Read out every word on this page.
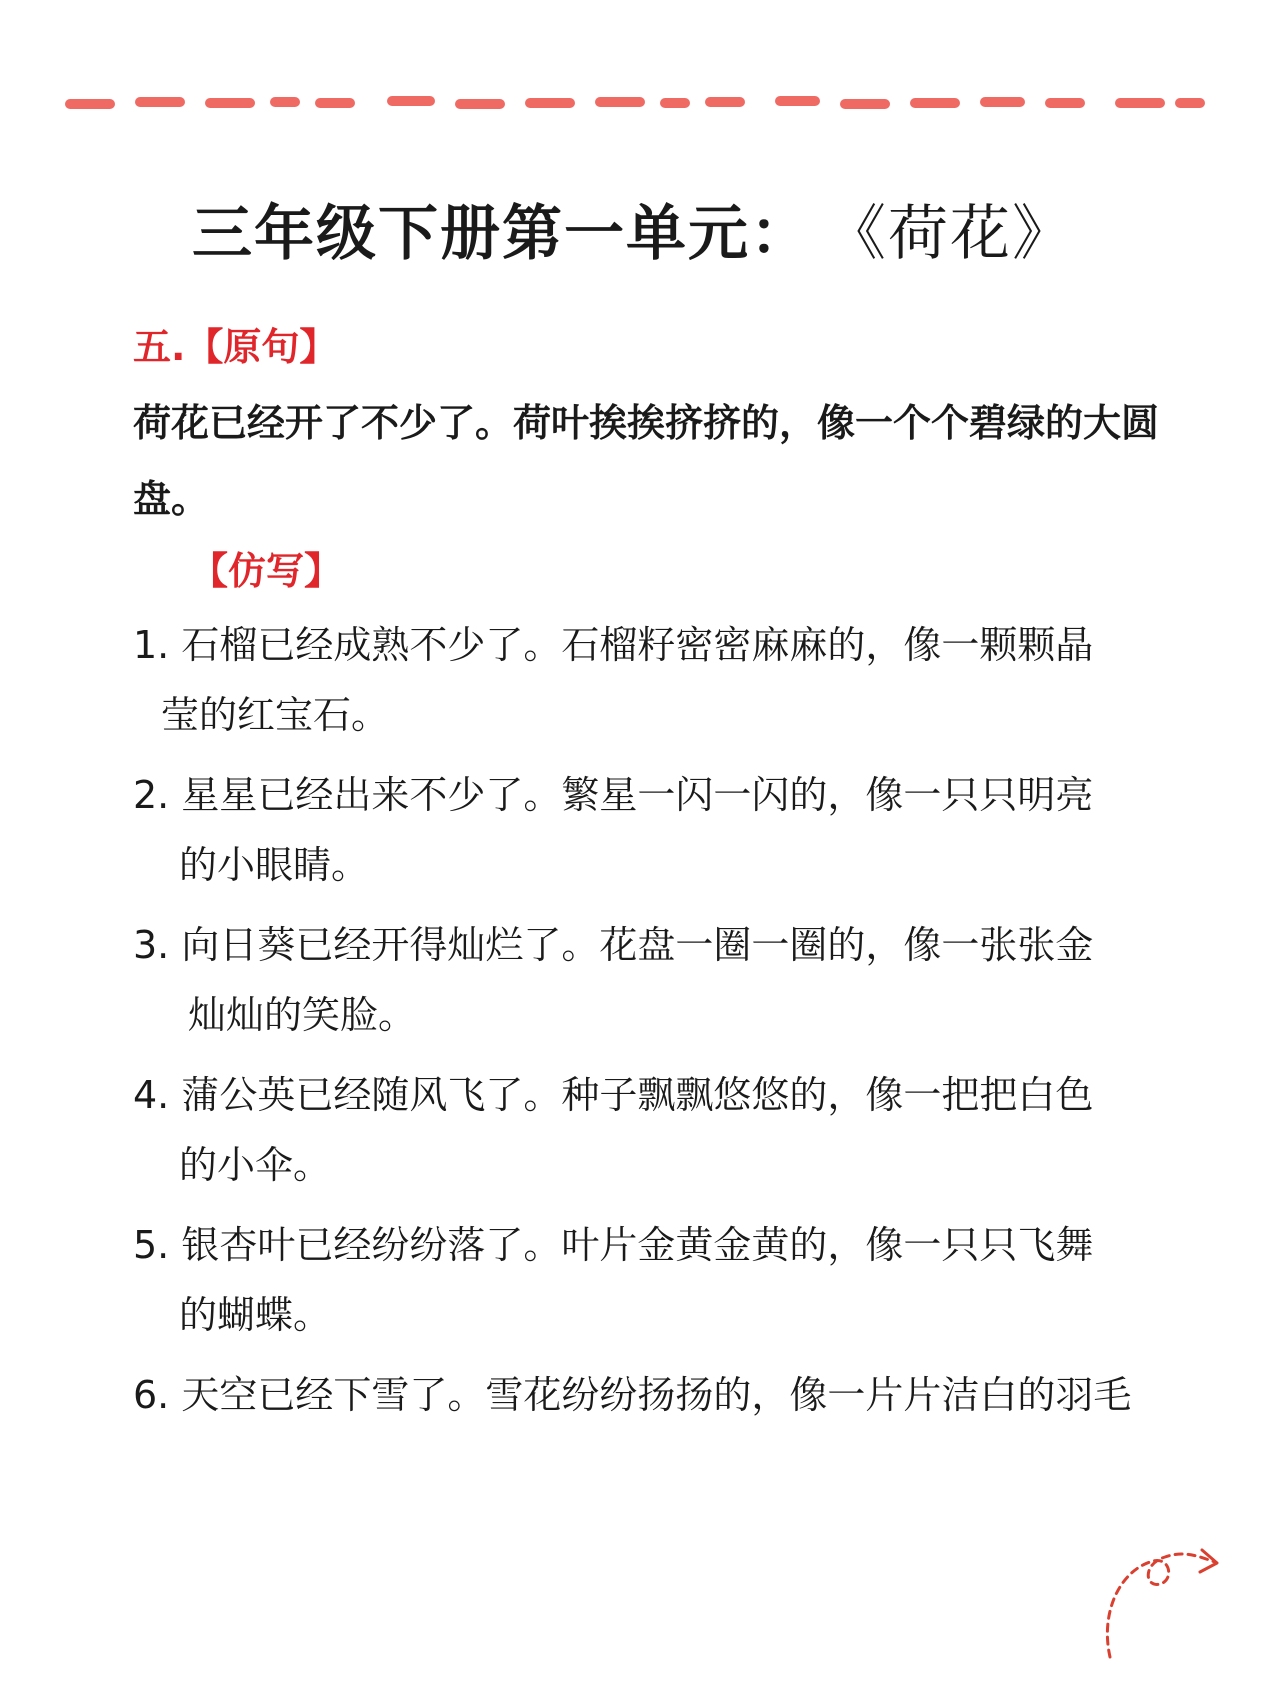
三年级下册第一单元： 《荷花》
五.【原句】
荷花已经开了不少了。荷叶挨挨挤挤的，像一个个碧绿的大圆盘。
【仿写】
1. 石榴已经成熟不少了。石榴籽密密麻麻的，像一颗颗晶
莹的红宝石。
2. 星星已经出来不少了。繁星一闪一闪的，像一只只明亮
的小眼睛。
3. 向日葵已经开得灿烂了。花盘一圈一圈的，像一张张金
灿灿的笑脸。
4. 蒲公英已经随风飞了。种子飘飘悠悠的，像一把把白色
的小伞。
5. 银杏叶已经纷纷落了。叶片金黄金黄的，像一只只飞舞
的蝴蝶。
6. 天空已经下雪了。雪花纷纷扬扬的，像一片片洁白的羽毛
